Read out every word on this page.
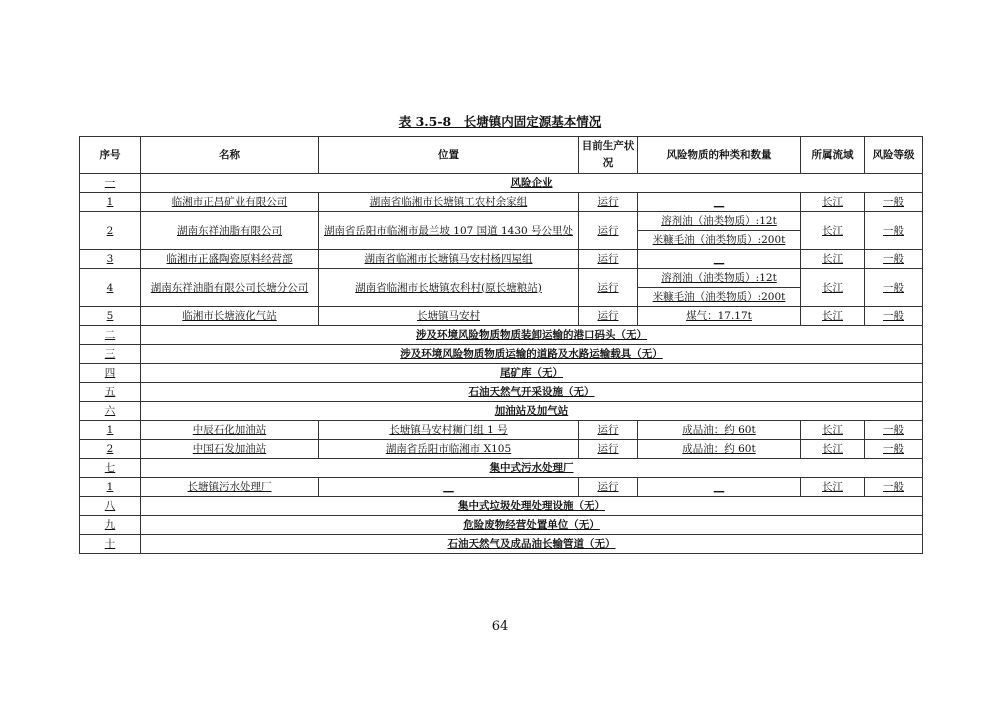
表 3.5-8　长塘镇内固定源基本情况
序号	名称	位置	目前生产状况	风险物质的种类和数量	所属流域	风险等级
一	风险企业					
1	临湘市正昌矿业有限公司	湖南省临湘市长塘镇工农村余家组	运行	__	长江	一般
2	湖南东祥油脂有限公司	湖南省岳阳市临湘市最兰坡 107 国道 1430 号公里处	运行	溶剂油（油类物质）:12t	长江	一般
				米糠毛油（油类物质）:200t		
3	临湘市正盛陶瓷原料经营部	湖南省临湘市长塘镇马安村杨四屋组	运行	__	长江	一般
4	湖南东祥油脂有限公司长塘分公司	湖南省临湘市长塘镇农科村(原长塘粮站)	运行	溶剂油（油类物质）:12t	长江	一般
				米糠毛油（油类物质）:200t		
5	临湘市长塘液化气站	长塘镇马安村	运行	煤气：17.17t	长江	一般
二	涉及环境风险物质物质装卸运输的港口码头（无）					
三	涉及环境风险物质物质运输的道路及水路运输载具（无）					
四	尾矿库（无）					
五	石油天然气开采设施（无）					
六	加油站及加气站					
1	中辰石化加油站	长塘镇马安村狮门组 1 号	运行	成品油：约 60t	长江	一般
2	中国石发加油站	湖南省岳阳市临湘市 X105	运行	成品油：约 60t	长江	一般
七	集中式污水处理厂					
1	长塘镇污水处理厂	__	运行	__	长江	一般
八	集中式垃圾处理处理设施（无）					
九	危险废物经营处置单位（无）					
十	石油天然气及成品油长输管道（无）					
64
